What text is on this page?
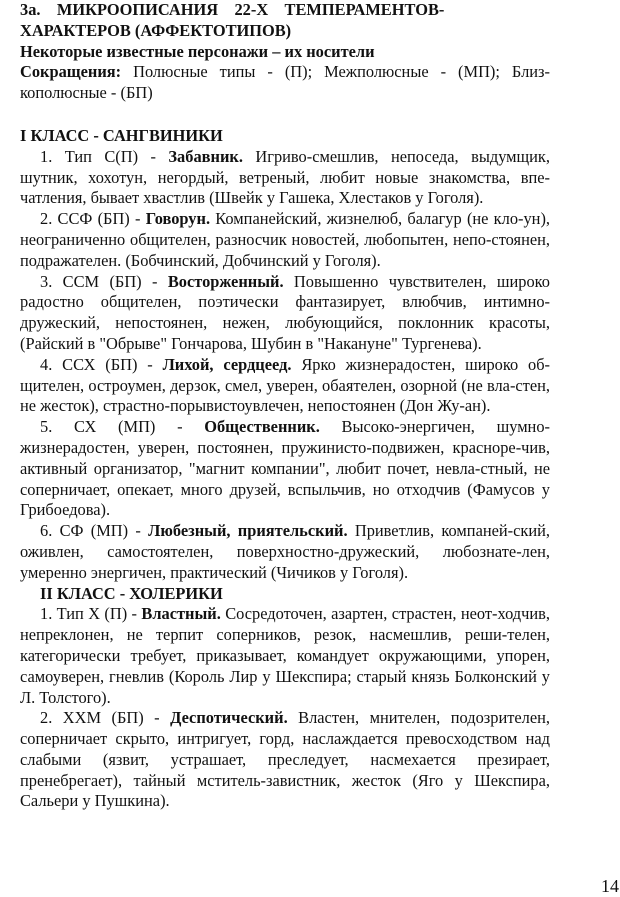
3а. МИКРООПИСАНИЯ 22-Х ТЕМПЕРАМЕНТОВ-

ХАРАКТЕРОВ (АФФЕКТОТИПОВ)

Некоторые известные персонажи – их носители

Сокращения: Полюсные типы - (П); Межполюсные - (МП); Близ-кополюсные - (БП)

I КЛАСС - САНГВИНИКИ

1. Тип С(П) - Забавник. Игриво-смешлив, непоседа, выдумщик, шутник, хохотун, негордый, ветреный, любит новые знакомства, впе-чатления, бывает хвастлив (Швейк у Гашека, Хлестаков у Гоголя).

2. ССФ (БП) - Говорун. Компанейский, жизнелюб, балагур (не кло-ун), неограниченно общителен, разносчик новостей, любопытен, непо-стоянен, подражателен. (Бобчинский, Добчинский у Гоголя).

3. ССМ (БП) - Восторженный. Повышенно чувствителен, широко радостно общителен, поэтически фантазирует, влюбчив, интимно-дружеский, непостоянен, нежен, любующийся, поклонник красоты, (Райский в "Обрыве" Гончарова, Шубин в "Накануне" Тургенева).

4. ССХ (БП) - Лихой, сердцеед. Ярко жизнерадостен, широко об-щителен, остроумен, дерзок, смел, уверен, обаятелен, озорной (не вла-стен, не жесток), страстно-порывистоувлечен, непостоянен (Дон Жу-ан).

5. СХ (МП) - Общественник. Высоко-энергичен, шумно-жизнерадостен, уверен, постоянен, пружинисто-подвижен, красноре-чив, активный организатор, "магнит компании", любит почет, невла-стный, не соперничает, опекает, много друзей, вспыльчив, но отходчив (Фамусов у Грибоедова).

6. СФ (МП) - Любезный, приятельский. Приветлив, компаней-ский, оживлен, самостоятелен, поверхностно-дружеский, любознате-лен, умеренно энергичен, практический (Чичиков у Гоголя).

II КЛАСС - ХОЛЕРИКИ

1. Тип Х (П) - Властный. Сосредоточен, азартен, страстен, неот-ходчив, непреклонен, не терпит соперников, резок, насмешлив, реши-телен, категорически требует, приказывает, командует окружающими, упорен, самоуверен, гневлив (Король Лир у Шекспира; старый князь Болконский у Л. Толстого).

2. ХХМ (БП) - Деспотический. Властен, мнителен, подозрителен, соперничает скрыто, интригует, горд, наслаждается превосходством над слабыми (язвит, устрашает, преследует, насмехается презирает, пренебрегает), тайный мститель-завистник, жесток (Яго у Шекспира, Сальери у Пушкина).

14
